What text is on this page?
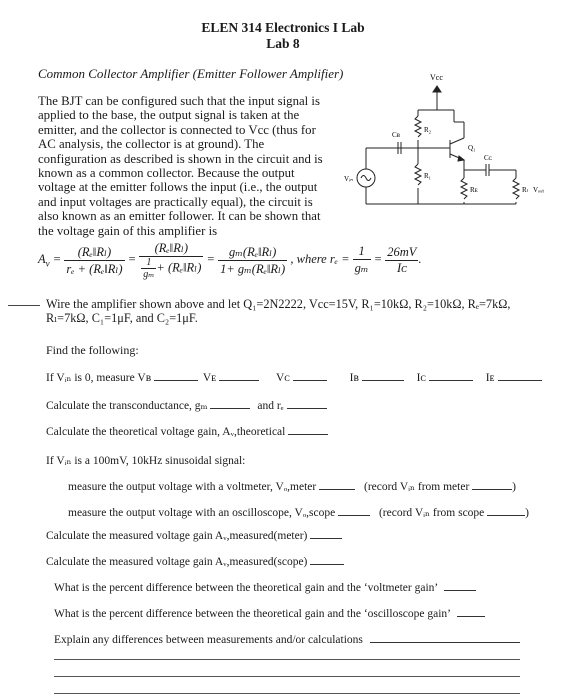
ELEN 314 Electronics I Lab
Lab 8
Common Collector Amplifier (Emitter Follower Amplifier)
The BJT can be configured such that the input signal is
applied to the base, the output signal is taken at the
emitter, and the collector is connected to Vcc (thus for
AC analysis, the collector is at ground). The
configuration as described is shown in the circuit and is
known as a common collector. Because the output
voltage at the emitter follows the input (i.e., the output
and input voltages are practically equal), the circuit is
also known as an emitter follower. It can be shown that
the voltage gain of this amplifier is
$A_v = \frac{\text{(Rₑ‖Rₗ)}}{\text{rₑ + (Rₑ‖Rₗ)}} = \frac{\text{(Rₑ‖Rₗ)}}{\frac{1}{\text{gₘ}} + (R_e‖R_l)} = \frac{\text{gₘ(Rₑ‖Rₗ)}}{\text{1+ gₘ(Rₑ‖Rₗ)}}$ , where $r_e = \frac{1}{\text{gₘ}} = \frac{26mV}{\text{Iᴄ}}$ .
Vcc
R₂
Cʙ
Q₁
Cᴄ
R₁
Rᴇ	Rₗ Vₒᵤₜ
Vᵢₙ
Wire the amplifier shown above and let Q₁=2N2222, Vcc=15V, R₁=10kΩ, R₂=10kΩ, Rₑ=7kΩ,
Rₗ=7kΩ, C₁=1μF, and C₂=1μF.
Find the following:
If Vᵢₙ is 0, measure Vʙ	Vᴇ	Vᴄ	Iʙ	Iᴄ	Iᴇ
Calculate the transconductance, gₘ	and rₑ
Calculate the theoretical voltage gain, Aᵥ,theoretical
If Vᵢₙ is a 100mV, 10kHz sinusoidal signal:
measure the output voltage with a voltmeter, Vₒ,meter	(record Vᵢₙ from meter	)
measure the output voltage with an oscilloscope, Vₒ,scope	(record Vᵢₙ from scope	)
Calculate the measured voltage gain Aᵥ,measured(meter)
Calculate the measured voltage gain Aᵥ,measured(scope)
What is the percent difference between the theoretical gain and the ‘voltmeter gain’
What is the percent difference between the theoretical gain and the ‘oscilloscope gain’
Explain any differences between measurements and/or calculations
